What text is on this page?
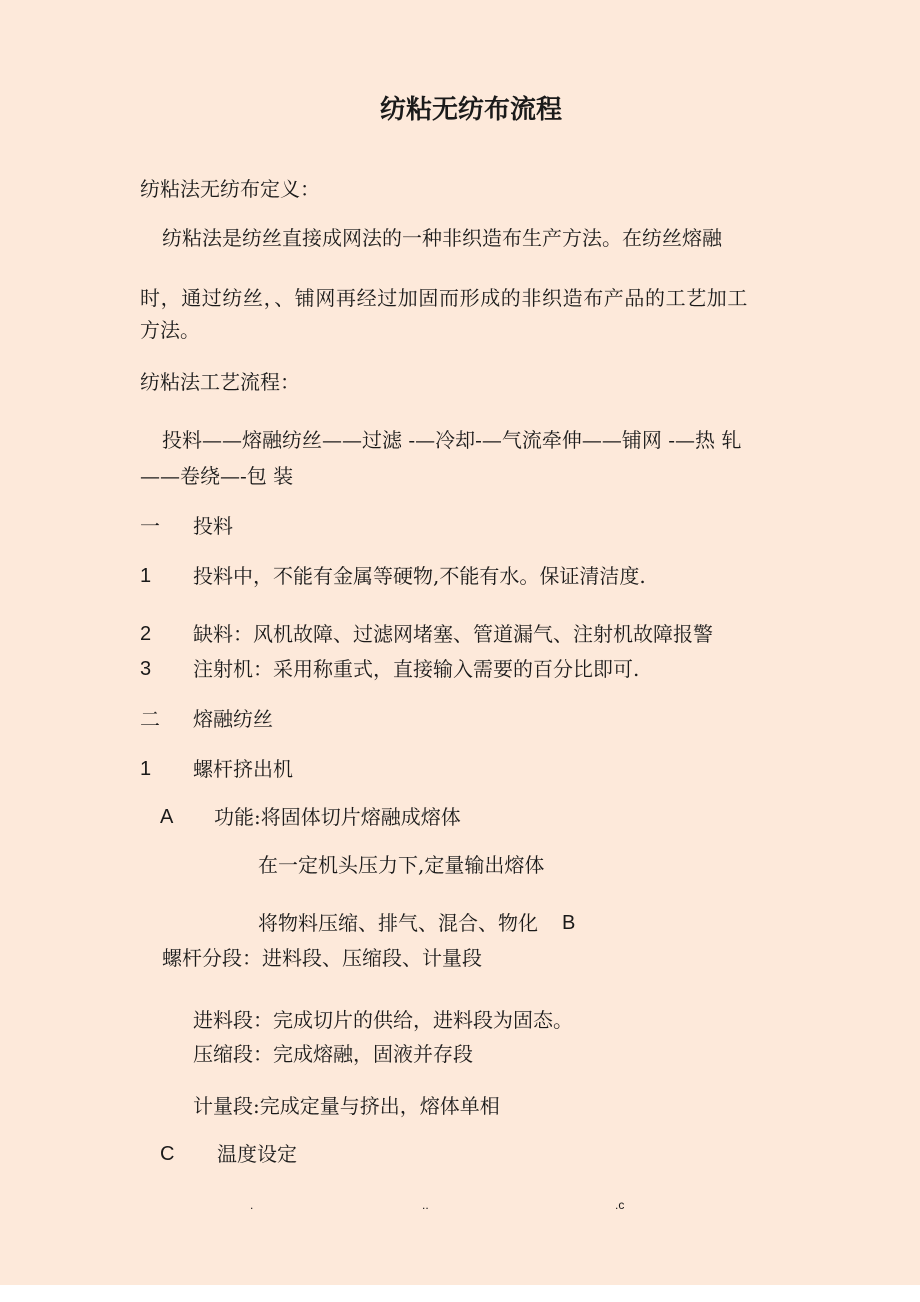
纺粘无纺布流程
纺粘法无纺布定义：
纺粘法是纺丝直接成网法的一种非织造布生产方法。在纺丝熔融
时，通过纺丝，、铺网再经过加固而形成的非织造布产品的工艺加工
方法。
纺粘法工艺流程：
投料——熔融纺丝——过滤 -—冷却-—气流牵伸——铺网 -—热 轧
——卷绕—-包 装
一 投料
1 投料中，不能有金属等硬物,不能有水。保证清洁度.
2 缺料：风机故障、过滤网堵塞、管道漏气、注射机故障报警
3 注射机：采用称重式，直接输入需要的百分比即可.
二 熔融纺丝
1 螺杆挤出机
A 功能:将固体切片熔融成熔体
在一定机头压力下,定量输出熔体
将物料压缩、排气、混合、物化 B
螺杆分段：进料段、压缩段、计量段
进料段：完成切片的供给，进料段为固态。
压缩段：完成熔融，固液并存段
计量段:完成定量与挤出，熔体单相
C 温度设定
.	..	.c
